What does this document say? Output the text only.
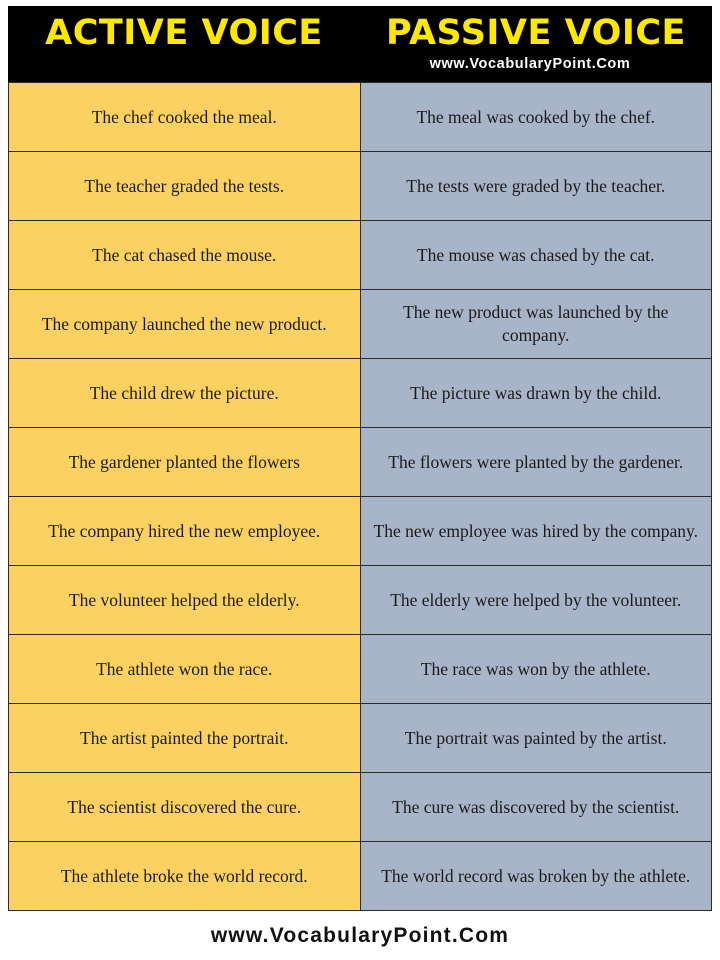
ACTIVE VOICE	PASSIVE VOICE
www.VocabularyPoint.Com
The chef cooked the meal.	The meal was cooked by the chef.
The teacher graded the tests.	The tests were graded by the teacher.
The cat chased the mouse.	The mouse was chased by the cat.
The company launched the new product.	The new product was launched by the company.
The child drew the picture.	The picture was drawn by the child.
The gardener planted the flowers	The flowers were planted by the gardener.
The company hired the new employee.	The new employee was hired by the company.
The volunteer helped the elderly.	The elderly were helped by the volunteer.
The athlete won the race.	The race was won by the athlete.
The artist painted the portrait.	The portrait was painted by the artist.
The scientist discovered the cure.	The cure was discovered by the scientist.
The athlete broke the world record.	The world record was broken by the athlete.
www.VocabularyPoint.Com
